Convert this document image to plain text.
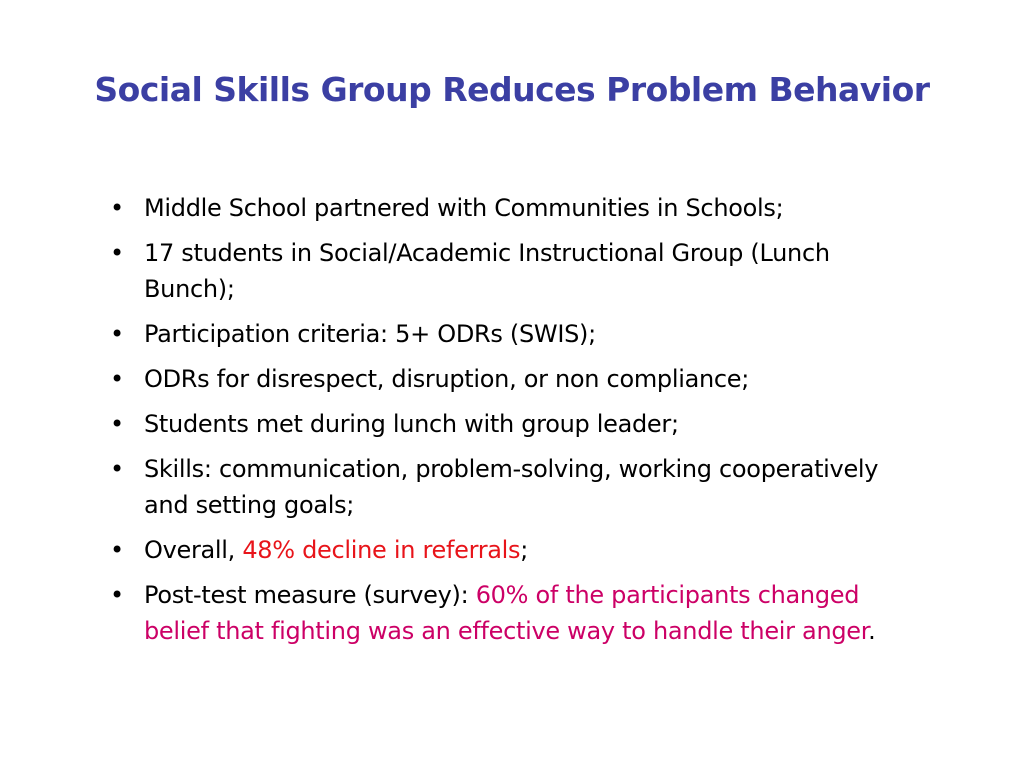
Social Skills Group Reduces Problem Behavior
• Middle School partnered with Communities in Schools;
• 17 students in Social/Academic Instructional Group (Lunch Bunch);
• Participation criteria: 5+ ODRs (SWIS);
• ODRs for disrespect, disruption, or non compliance;
• Students met during lunch with group leader;
• Skills: communication, problem-solving, working cooperatively and setting goals;
• Overall, 48% decline in referrals;
• Post-test measure (survey): 60% of the participants changed belief that fighting was an effective way to handle their anger.
